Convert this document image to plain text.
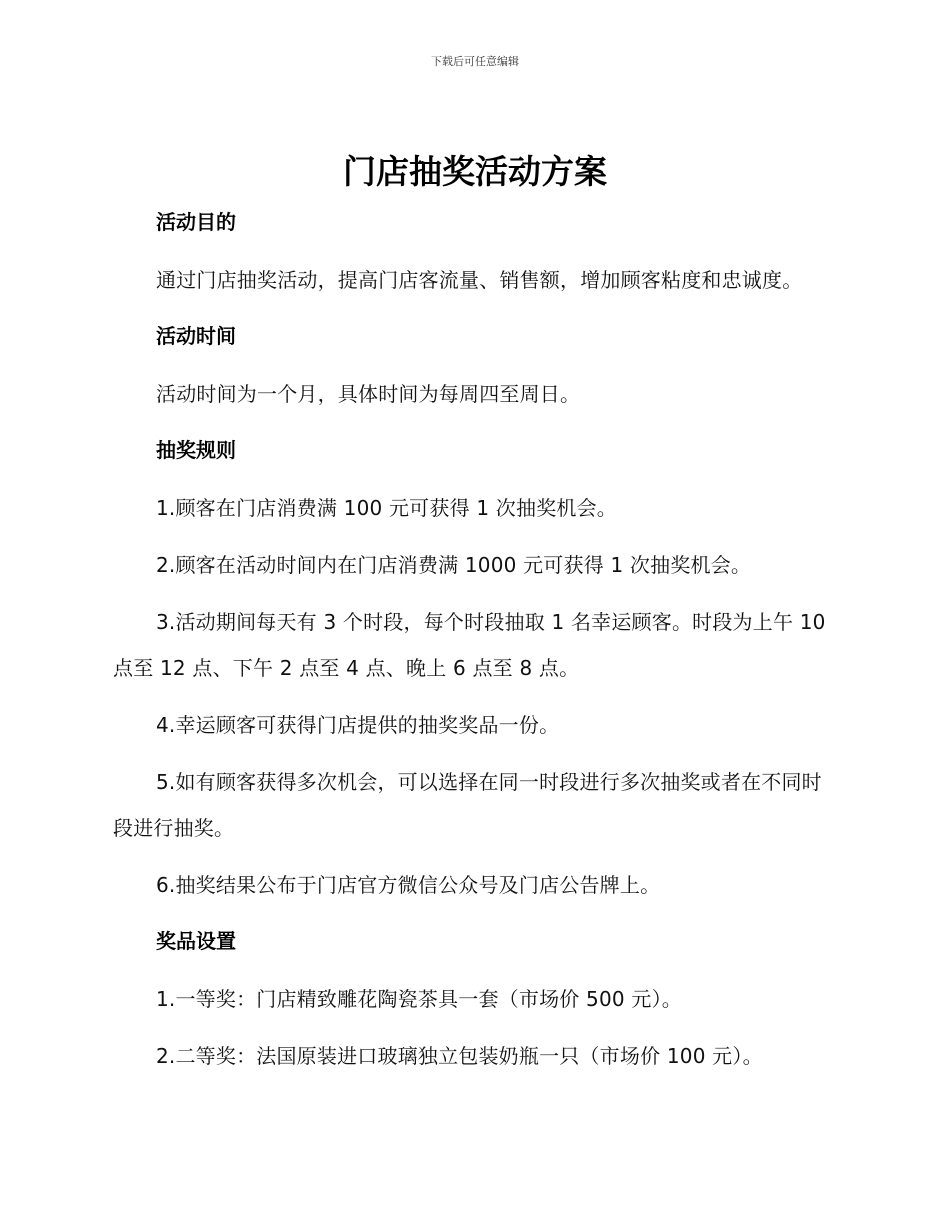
下载后可任意编辑
门店抽奖活动方案
活动目的

通过门店抽奖活动，提高门店客流量、销售额，增加顾客粘度和忠诚度。

活动时间

活动时间为一个月，具体时间为每周四至周日。

抽奖规则

1.顾客在门店消费满 100 元可获得 1 次抽奖机会。

2.顾客在活动时间内在门店消费满 1000 元可获得 1 次抽奖机会。

3.活动期间每天有 3 个时段，每个时段抽取 1 名幸运顾客。时段为上午 10 点至 12 点、下午 2 点至 4 点、晚上 6 点至 8 点。

4.幸运顾客可获得门店提供的抽奖奖品一份。

5.如有顾客获得多次机会，可以选择在同一时段进行多次抽奖或者在不同时段进行抽奖。

6.抽奖结果公布于门店官方微信公众号及门店公告牌上。

奖品设置

1.一等奖：门店精致雕花陶瓷茶具一套（市场价 500 元）。

2.二等奖：法国原装进口玻璃独立包装奶瓶一只（市场价 100 元）。
